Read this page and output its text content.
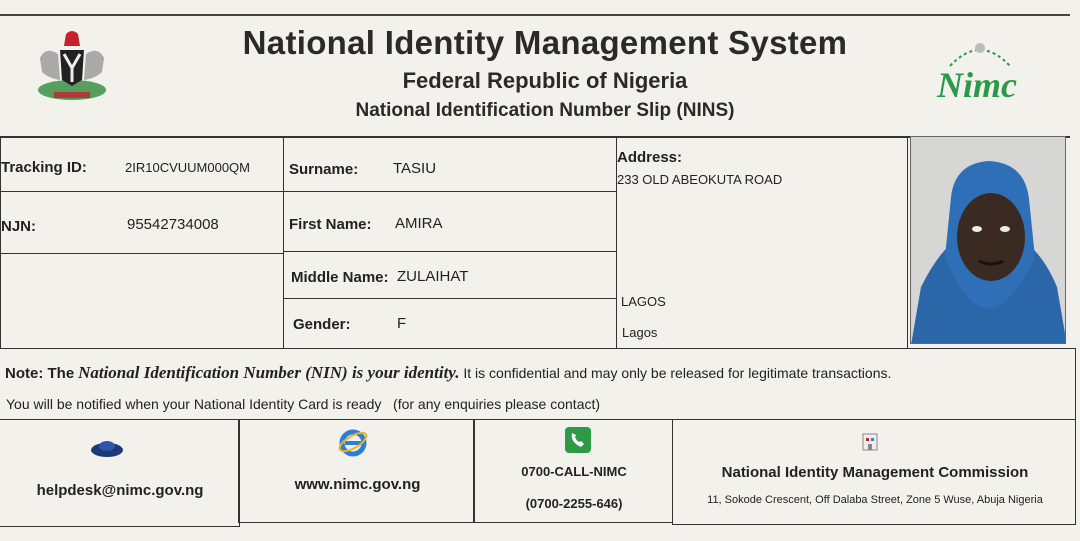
National Identity Management System
Federal Republic of Nigeria
National Identification Number Slip (NINS)
Nimc
Tracking ID:	2IR10CVUUM000QM
NJN:	95542734008
Surname: TASIU
First Name: AMIRA
Middle Name: ZULAIHAT
Gender:	F
Address:
233 OLD ABEOKUTA ROAD
LAGOS
Lagos
Note: The National Identification Number (NIN) is your identity. It is confidential and may only be released for legitimate transactions.
You will be notified when your National Identity Card is ready   (for any enquiries please contact)
helpdesk@nimc.gov.ng	www.nimc.gov.ng
0700-CALL-NIMC
(0700-2255-646)
National Identity Management Commission
11, Sokode Crescent, Off Dalaba Street, Zone 5 Wuse, Abuja Nigeria
